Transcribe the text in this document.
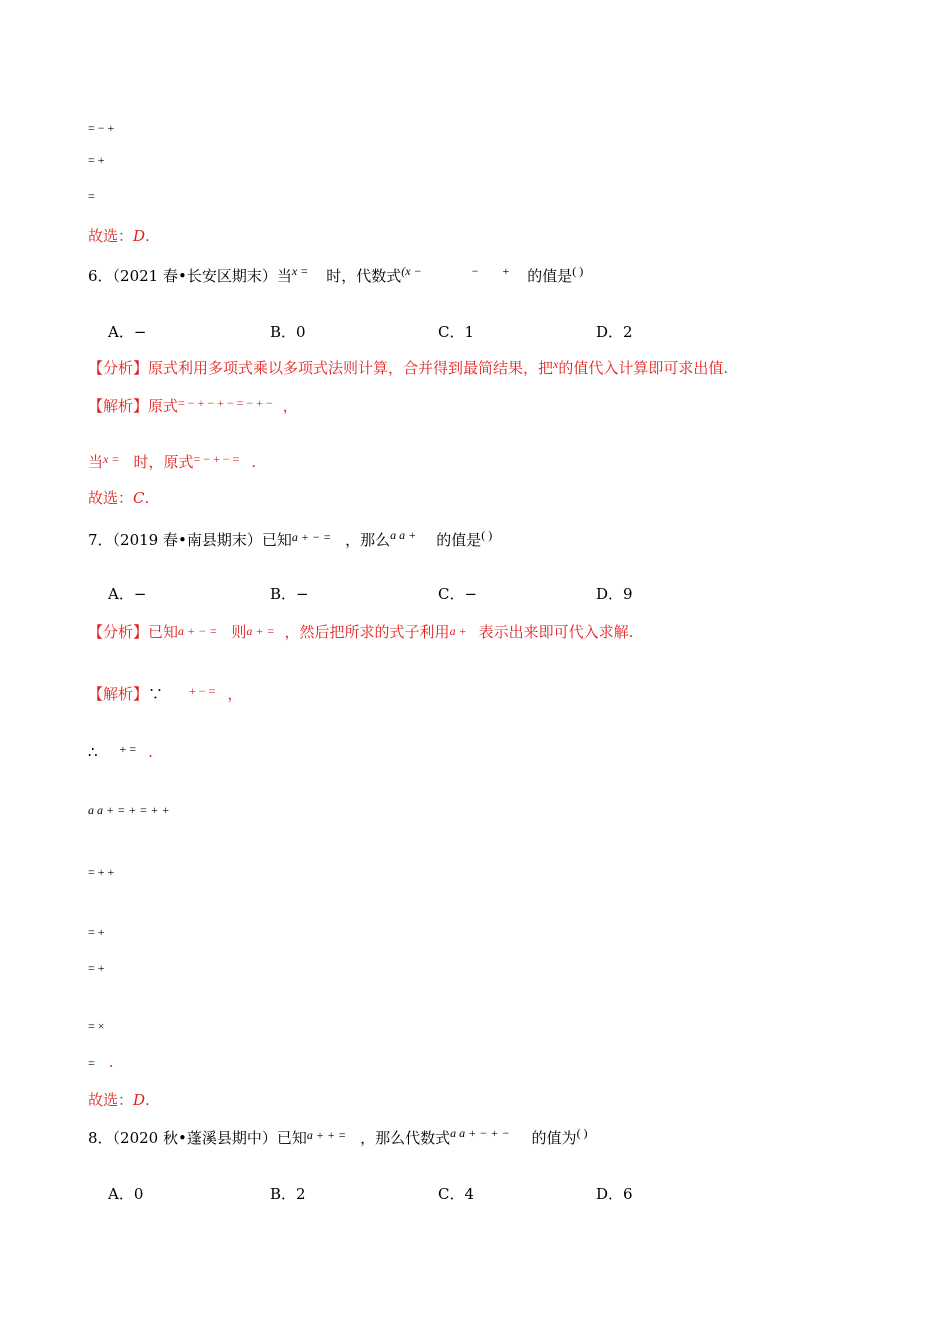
= − +
= +
=
故选：D.
6．（2021 春•长安区期末）当$^{x =}$ 时，代数式$^{(x -}$	− + 的值是( )
A．−	B．0	C．1	D．2
【分析】原式利用多项式乘以多项式法则计算，合并得到最简结果，把$^x$的值代入计算即可求出值.
【解析】原式= − + − + − = − + − ，
当$^{x =}$ 时，原式= − + − = .
故选：C.
7．（2019 春•南县期末）已知$^{a + - =}$ ，那么$^{a a +}$ 的值是( )
A．−	B．−	C．−	D．9
【分析】已知a + − = 则a + = ，然后把所求的式子利用a + 表示出来即可代入求解.
【解析】∵ + − = ，
∴ + = .
a a + = + = + +
= + +
= +
= +
= ×
= .
故选：D.
8．（2020 秋•蓬溪县期中）已知$^{a + + =}$ ，那么代数式$^{a a + - + -}$ 的值为( )
A．0	B．2	C．4	D．6
